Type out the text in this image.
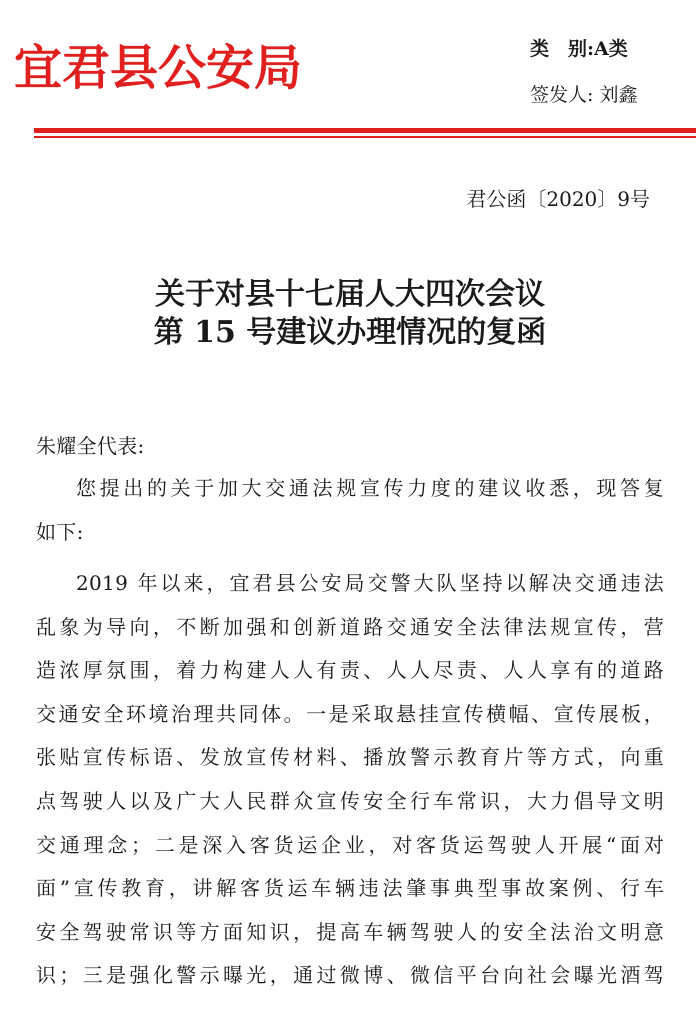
宜君县公安局	类　别:A类
签发人: 刘鑫
君公函〔2020〕9号
关于对县十七届人大四次会议
第 15 号建议办理情况的复函
朱耀全代表:
您提出的关于加大交通法规宣传力度的建议收悉，现答复
如下:
2019 年以来，宜君县公安局交警大队坚持以解决交通违法
乱象为导向，不断加强和创新道路交通安全法律法规宣传，营
造浓厚氛围，着力构建人人有责、人人尽责、人人享有的道路
交通安全环境治理共同体。一是采取悬挂宣传横幅、宣传展板，
张贴宣传标语、发放宣传材料、播放警示教育片等方式，向重
点驾驶人以及广大人民群众宣传安全行车常识，大力倡导文明
交通理念；二是深入客货运企业，对客货运驾驶人开展“面对
面”宣传教育，讲解客货运车辆违法肇事典型事故案例、行车
安全驾驶常识等方面知识，提高车辆驾驶人的安全法治文明意
识；三是强化警示曝光，通过微博、微信平台向社会曝光酒驾
